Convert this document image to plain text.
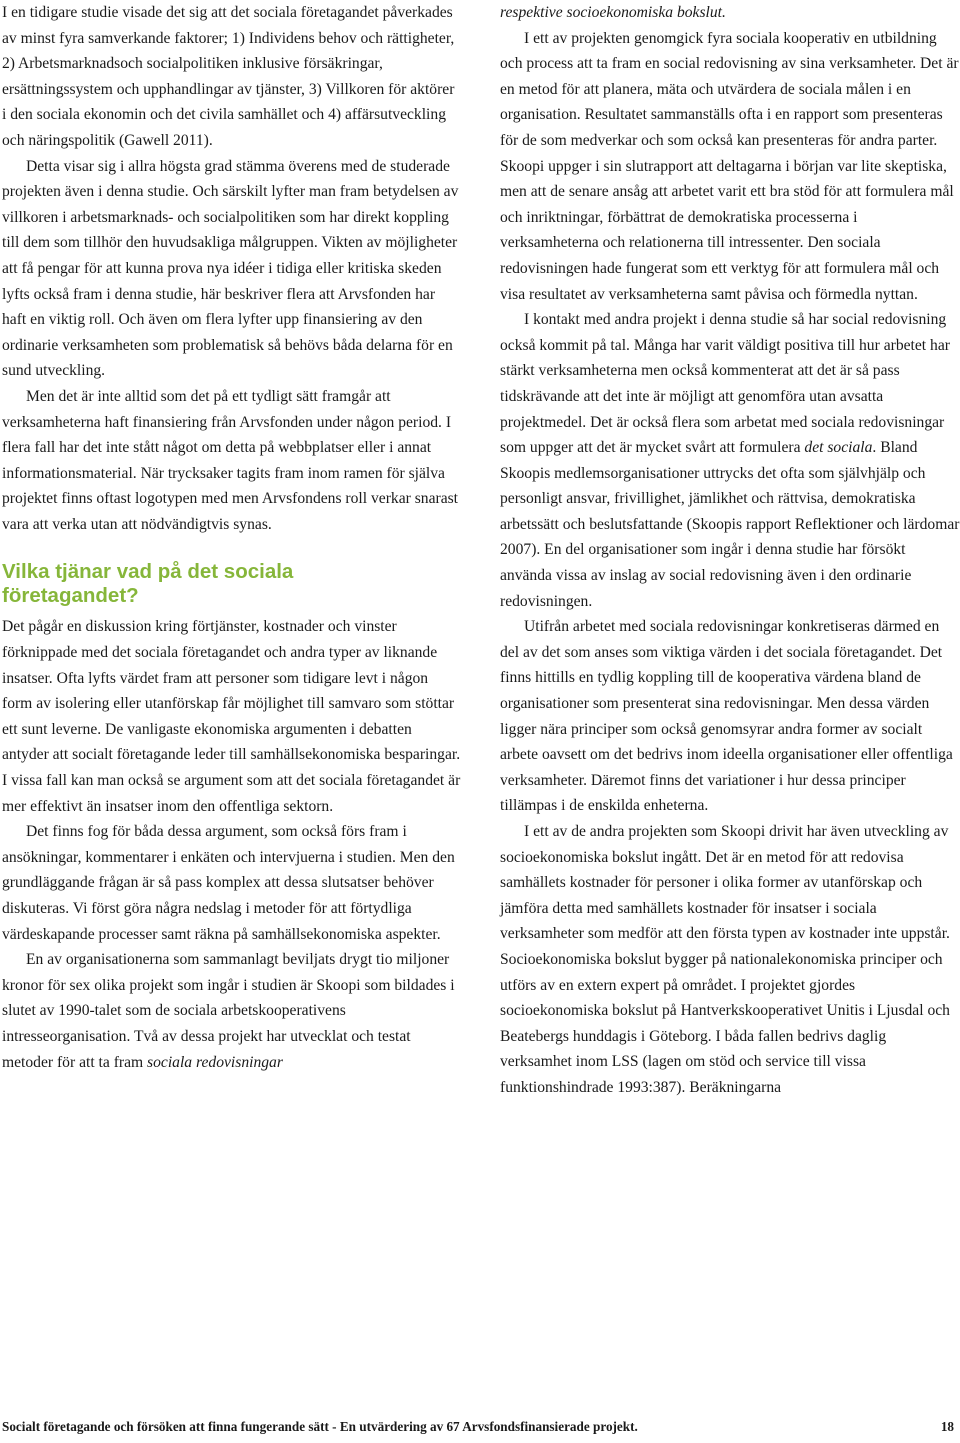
I en tidigare studie visade det sig att det sociala företagandet påverkades av minst fyra samverkande faktorer; 1) Individens behov och rättigheter, 2) Arbetsmarknadsoch socialpolitiken inklusive försäkringar, ersättningssystem och upphandlingar av tjänster, 3) Villkoren för aktörer i den sociala ekonomin och det civila samhället och 4) affärsutveckling och näringspolitik (Gawell 2011).

Detta visar sig i allra högsta grad stämma överens med de studerade projekten även i denna studie. Och särskilt lyfter man fram betydelsen av villkoren i arbetsmarknads- och socialpolitiken som har direkt koppling till dem som tillhör den huvudsakliga målgruppen. Vikten av möjligheter att få pengar för att kunna prova nya idéer i tidiga eller kritiska skeden lyfts också fram i denna studie, här beskriver flera att Arvsfonden har haft en viktig roll. Och även om flera lyfter upp finansiering av den ordinarie verksamheten som problematisk så behövs båda delarna för en sund utveckling.

Men det är inte alltid som det på ett tydligt sätt framgår att verksamheterna haft finansiering från Arvsfonden under någon period. I flera fall har det inte stått något om detta på webbplatser eller i annat informationsmaterial. När trycksaker tagits fram inom ramen för själva projektet finns oftast logotypen med men Arvsfondens roll verkar snarast vara att verka utan att nödvändigtvis synas.

Vilka tjänar vad på det sociala företagandet?

Det pågår en diskussion kring förtjänster, kostnader och vinster förknippade med det sociala företagandet och andra typer av liknande insatser. Ofta lyfts värdet fram att personer som tidigare levt i någon form av isolering eller utanförskap får möjlighet till samvaro som stöttar ett sunt leverne. De vanligaste ekonomiska argumenten i debatten antyder att socialt företagande leder till samhällsekonomiska besparingar. I vissa fall kan man också se argument som att det sociala företagandet är mer effektivt än insatser inom den offentliga sektorn.

Det finns fog för båda dessa argument, som också förs fram i ansökningar, kommentarer i enkäten och intervjuerna i studien. Men den grundläggande frågan är så pass komplex att dessa slutsatser behöver diskuteras. Vi först göra några nedslag i metoder för att förtydliga värdeskapande processer samt räkna på samhällsekonomiska aspekter.

En av organisationerna som sammanlagt beviljats drygt tio miljoner kronor för sex olika projekt som ingår i studien är Skoopi som bildades i slutet av 1990-talet som de sociala arbetskooperativens intresseorganisation. Två av dessa projekt har utvecklat och testat metoder för att ta fram sociala redovisningar

respektive socioekonomiska bokslut.

I ett av projekten genomgick fyra sociala kooperativ en utbildning och process att ta fram en social redovisning av sina verksamheter. Det är en metod för att planera, mäta och utvärdera de sociala målen i en organisation. Resultatet sammanställs ofta i en rapport som presenteras för de som medverkar och som också kan presenteras för andra parter. Skoopi uppger i sin slutrapport att deltagarna i början var lite skeptiska, men att de senare ansåg att arbetet varit ett bra stöd för att formulera mål och inriktningar, förbättrat de demokratiska processerna i verksamheterna och relationerna till intressenter. Den sociala redovisningen hade fungerat som ett verktyg för att formulera mål och visa resultatet av verksamheterna samt påvisa och förmedla nyttan.

I kontakt med andra projekt i denna studie så har social redovisning också kommit på tal. Många har varit väldigt positiva till hur arbetet har stärkt verksamheterna men också kommenterat att det är så pass tidskrävande att det inte är möjligt att genomföra utan avsatta projektmedel. Det är också flera som arbetat med sociala redovisningar som uppger att det är mycket svårt att formulera det sociala. Bland Skoopis medlemsorganisationer uttrycks det ofta som självhjälp och personligt ansvar, frivillighet, jämlikhet och rättvisa, demokratiska arbetssätt och beslutsfattande (Skoopis rapport Reflektioner och lärdomar 2007). En del organisationer som ingår i denna studie har försökt använda vissa av inslag av social redovisning även i den ordinarie redovisningen.

Utifrån arbetet med sociala redovisningar konkretiseras därmed en del av det som anses som viktiga värden i det sociala företagandet. Det finns hittills en tydlig koppling till de kooperativa värdena bland de organisationer som presenterat sina redovisningar. Men dessa värden ligger nära principer som också genomsyrar andra former av socialt arbete oavsett om det bedrivs inom ideella organisationer eller offentliga verksamheter. Däremot finns det variationer i hur dessa principer tillämpas i de enskilda enheterna.

I ett av de andra projekten som Skoopi drivit har även utveckling av socioekonomiska bokslut ingått. Det är en metod för att redovisa samhällets kostnader för personer i olika former av utanförskap och jämföra detta med samhällets kostnader för insatser i sociala verksamheter som medför att den första typen av kostnader inte uppstår. Socioekonomiska bokslut bygger på nationalekonomiska principer och utförs av en extern expert på området. I projektet gjordes socioekonomiska bokslut på Hantverkskooperativet Unitis i Ljusdal och Beatebergs hunddagis i Göteborg. I båda fallen bedrivs daglig verksamhet inom LSS (lagen om stöd och service till vissa funktionshindrade 1993:387). Beräkningarna

Socialt företagande och försöken att finna fungerande sätt - En utvärdering av 67 Arvsfondsfinansierade projekt.	18
